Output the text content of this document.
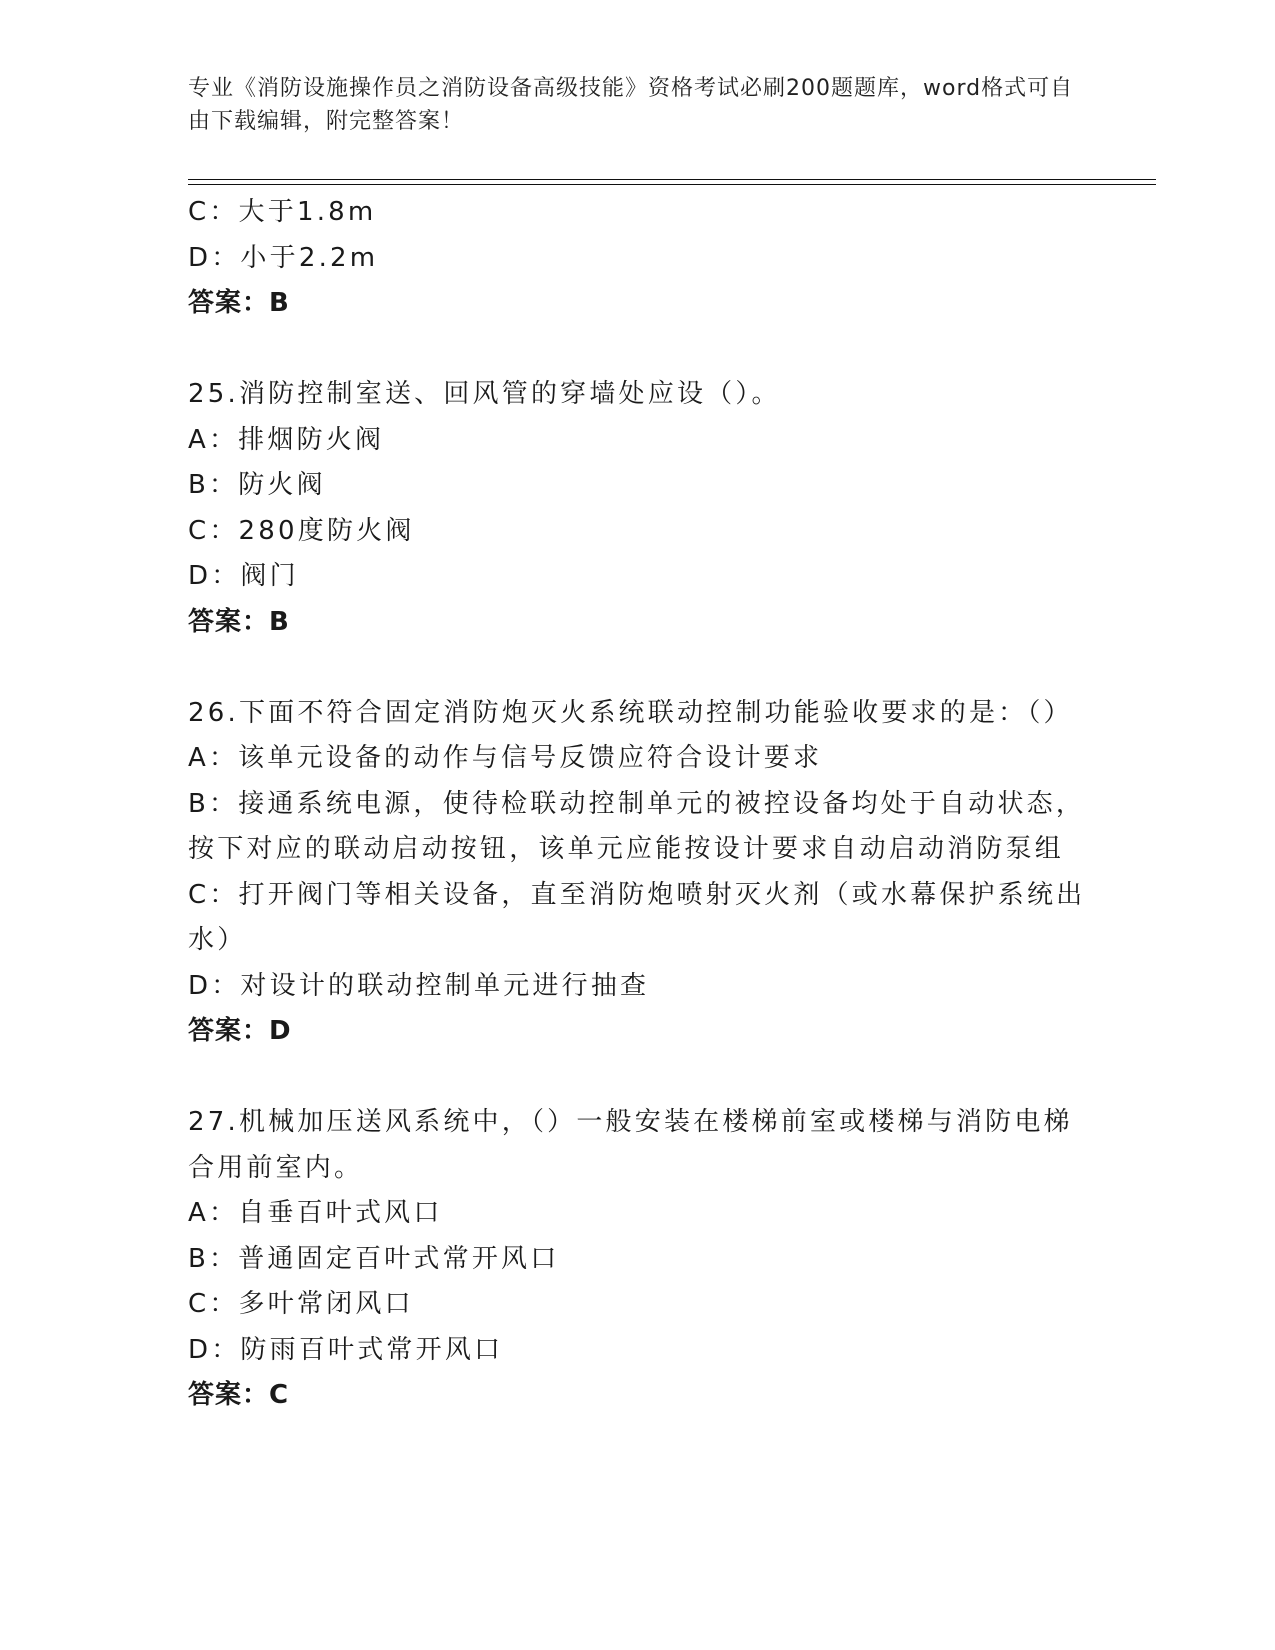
专业《消防设施操作员之消防设备高级技能》资格考试必刷200题题库，word格式可自由下载编辑，附完整答案！
C：大于1.8m
D：小于2.2m
答案：B
25.消防控制室送、回风管的穿墙处应设（）。
A：排烟防火阀
B：防火阀
C：280度防火阀
D：阀门
答案：B
26.下面不符合固定消防炮灭火系统联动控制功能验收要求的是：（）
A：该单元设备的动作与信号反馈应符合设计要求
B：接通系统电源，使待检联动控制单元的被控设备均处于自动状态，按下对应的联动启动按钮，该单元应能按设计要求自动启动消防泵组
C：打开阀门等相关设备，直至消防炮喷射灭火剂（或水幕保护系统出水）
D：对设计的联动控制单元进行抽查
答案：D
27.机械加压送风系统中，（）一般安装在楼梯前室或楼梯与消防电梯合用前室内。
A：自垂百叶式风口
B：普通固定百叶式常开风口
C：多叶常闭风口
D：防雨百叶式常开风口
答案：C
